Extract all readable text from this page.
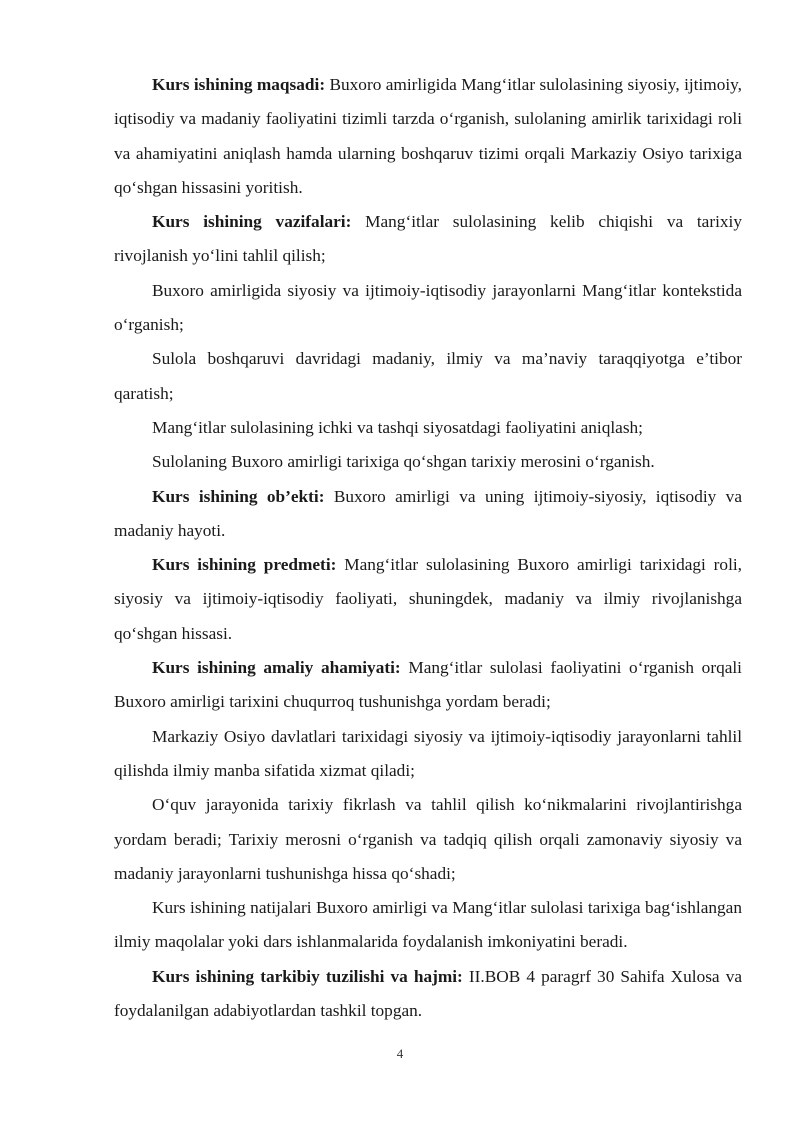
Kurs ishining maqsadi: Buxoro amirligida Mang‘itlar sulolasining siyosiy, ijtimoiy, iqtisodiy va madaniy faoliyatini tizimli tarzda o‘rganish, sulolaning amirlik tarixidagi roli va ahamiyatini aniqlash hamda ularning boshqaruv tizimi orqali Markaziy Osiyo tarixiga qo‘shgan hissasini yoritish.

Kurs ishining vazifalari: Mang‘itlar sulolasining kelib chiqishi va tarixiy rivojlanish yo‘lini tahlil qilish;

Buxoro amirligida siyosiy va ijtimoiy-iqtisodiy jarayonlarni Mang‘itlar kontekstida o‘rganish;

Sulola boshqaruvi davridagi madaniy, ilmiy va ma’naviy taraqqiyotga e’tibor qaratish;

Mang‘itlar sulolasining ichki va tashqi siyosatdagi faoliyatini aniqlash;

Sulolaning Buxoro amirligi tarixiga qo‘shgan tarixiy merosini o‘rganish.

Kurs ishining ob’ekti: Buxoro amirligi va uning ijtimoiy-siyosiy, iqtisodiy va madaniy hayoti.

Kurs ishining predmeti: Mang‘itlar sulolasining Buxoro amirligi tarixidagi roli, siyosiy va ijtimoiy-iqtisodiy faoliyati, shuningdek, madaniy va ilmiy rivojlanishga qo‘shgan hissasi.

Kurs ishining amaliy ahamiyati: Mang‘itlar sulolasi faoliyatini o‘rganish orqali Buxoro amirligi tarixini chuqurroq tushunishga yordam beradi;

Markaziy Osiyo davlatlari tarixidagi siyosiy va ijtimoiy-iqtisodiy jarayonlarni tahlil qilishda ilmiy manba sifatida xizmat qiladi;

O‘quv jarayonida tarixiy fikrlash va tahlil qilish ko‘nikmalarini rivojlantirishga yordam beradi; Tarixiy merosni o‘rganish va tadqiq qilish orqali zamonaviy siyosiy va madaniy jarayonlarni tushunishga hissa qo‘shadi;

Kurs ishining natijalari Buxoro amirligi va Mang‘itlar sulolasi tarixiga bag‘ishlangan ilmiy maqolalar yoki dars ishlanmalarida foydalanish imkoniyatini beradi.

Kurs ishining tarkibiy tuzilishi va hajmi: II.BOB 4 paragrf 30 Sahifa Xulosa va foydalanilgan adabiyotlardan tashkil topgan.

4
